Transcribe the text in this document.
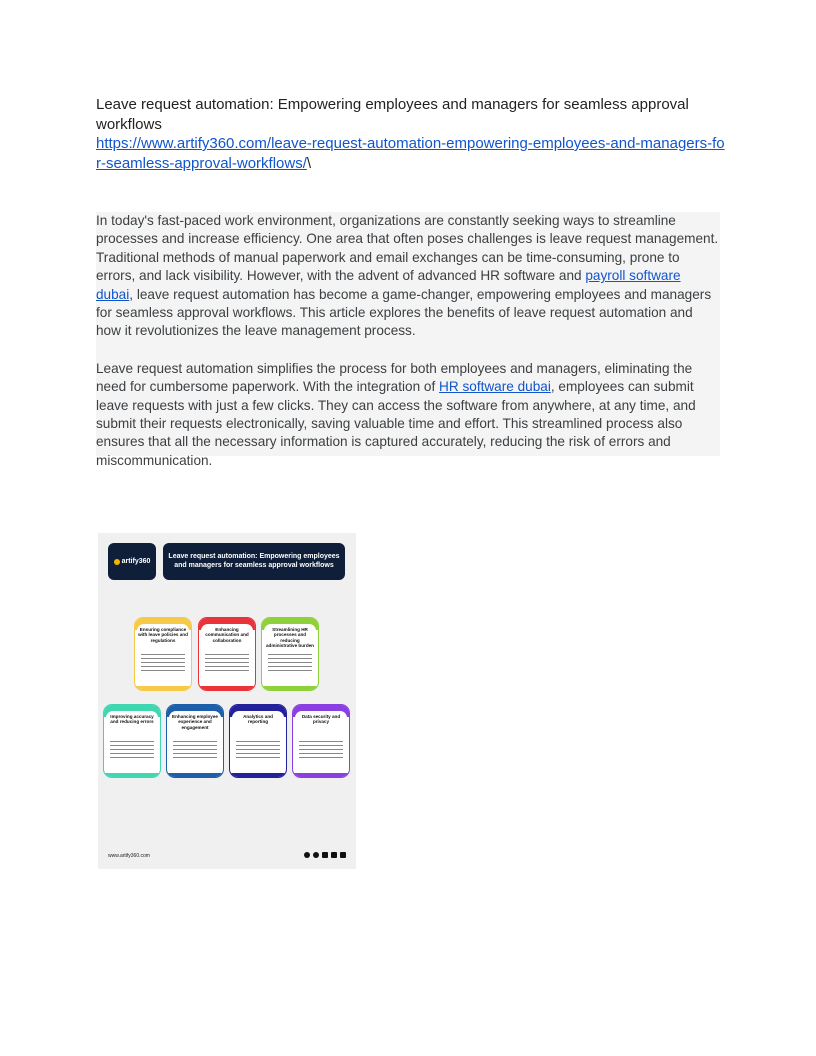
Leave request automation: Empowering employees and managers for seamless approval workflows
https://www.artify360.com/leave-request-automation-empowering-employees-and-managers-for-seamless-approval-workflows/\

In today's fast-paced work environment, organizations are constantly seeking ways to streamline processes and increase efficiency. One area that often poses challenges is leave request management. Traditional methods of manual paperwork and email exchanges can be time-consuming, prone to errors, and lack visibility. However, with the advent of advanced HR software and payroll software dubai, leave request automation has become a game-changer, empowering employees and managers for seamless approval workflows. This article explores the benefits of leave request automation and how it revolutionizes the leave management process.

Leave request automation simplifies the process for both employees and managers, eliminating the need for cumbersome paperwork. With the integration of HR software dubai, employees can submit leave requests with just a few clicks. They can access the software from anywhere, at any time, and submit their requests electronically, saving valuable time and effort. This streamlined process also ensures that all the necessary information is captured accurately, reducing the risk of errors and miscommunication.

artify360
Leave request automation: Empowering employees and managers for seamless approval workflows
Ensuring compliance with leave policies and regulations
Enhancing communication and collaboration
Streamlining HR processes and reducing administrative burden
Improving accuracy and reducing errors
Enhancing employee experience and engagement
Analytics and reporting
Data security and privacy
www.artify360.com
